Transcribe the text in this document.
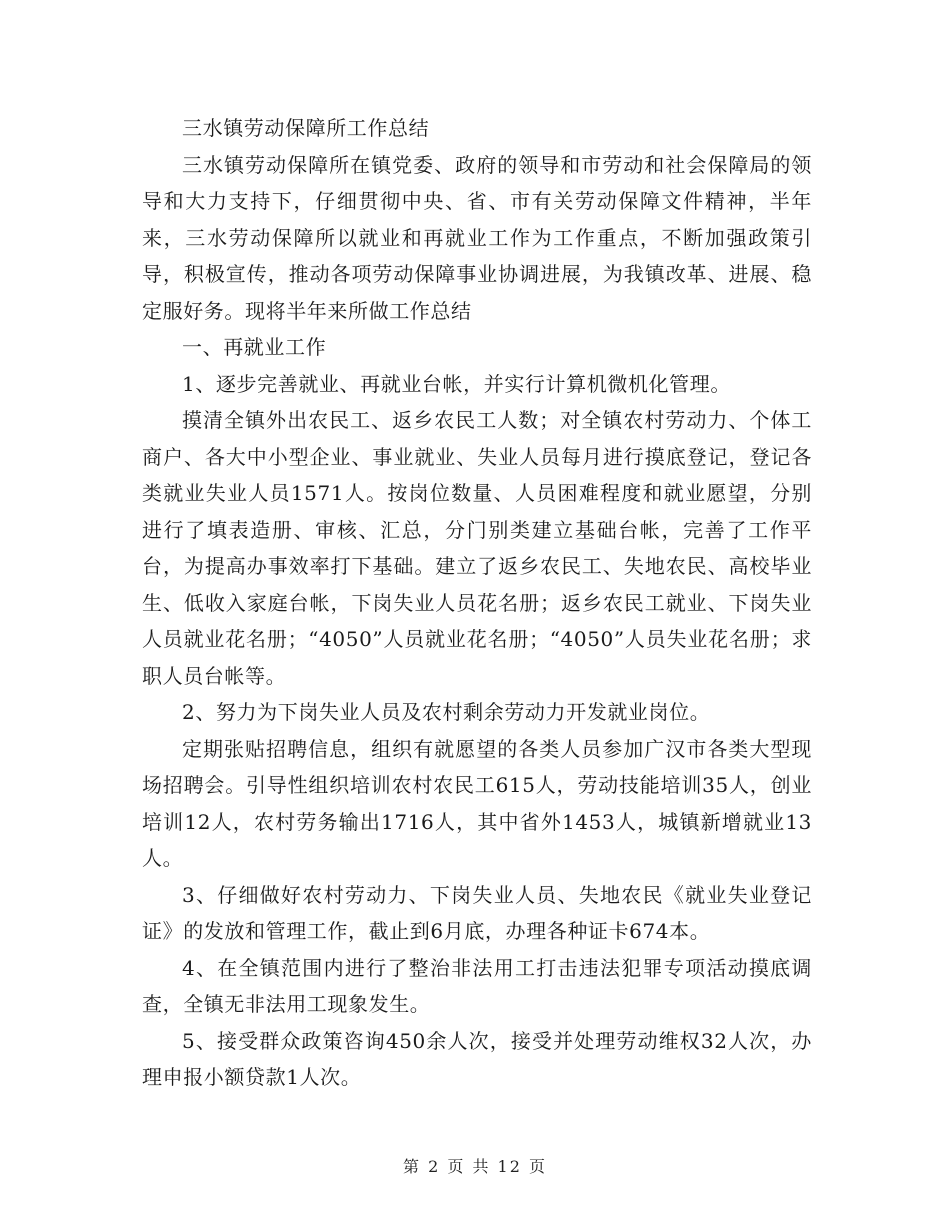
三水镇劳动保障所工作总结

三水镇劳动保障所在镇党委、政府的领导和市劳动和社会保障局的领导和大力支持下，仔细贯彻中央、省、市有关劳动保障文件精神，半年来，三水劳动保障所以就业和再就业工作为工作重点，不断加强政策引导，积极宣传，推动各项劳动保障事业协调进展，为我镇改革、进展、稳定服好务。现将半年来所做工作总结

一、再就业工作

1、逐步完善就业、再就业台帐，并实行计算机微机化管理。

摸清全镇外出农民工、返乡农民工人数；对全镇农村劳动力、个体工商户、各大中小型企业、事业就业、失业人员每月进行摸底登记，登记各类就业失业人员1571人。按岗位数量、人员困难程度和就业愿望，分别进行了填表造册、审核、汇总，分门别类建立基础台帐，完善了工作平台，为提高办事效率打下基础。建立了返乡农民工、失地农民、高校毕业生、低收入家庭台帐，下岗失业人员花名册；返乡农民工就业、下岗失业人员就业花名册；“4050”人员就业花名册；“4050”人员失业花名册；求职人员台帐等。

2、努力为下岗失业人员及农村剩余劳动力开发就业岗位。

定期张贴招聘信息，组织有就愿望的各类人员参加广汉市各类大型现场招聘会。引导性组织培训农村农民工615人，劳动技能培训35人，创业培训12人，农村劳务输出1716人，其中省外1453人，城镇新增就业13人。

3、仔细做好农村劳动力、下岗失业人员、失地农民《就业失业登记证》的发放和管理工作，截止到6月底，办理各种证卡674本。

4、在全镇范围内进行了整治非法用工打击违法犯罪专项活动摸底调查，全镇无非法用工现象发生。

5、接受群众政策咨询450余人次，接受并处理劳动维权32人次，办理申报小额贷款1人次。

第 2 页 共 12 页
